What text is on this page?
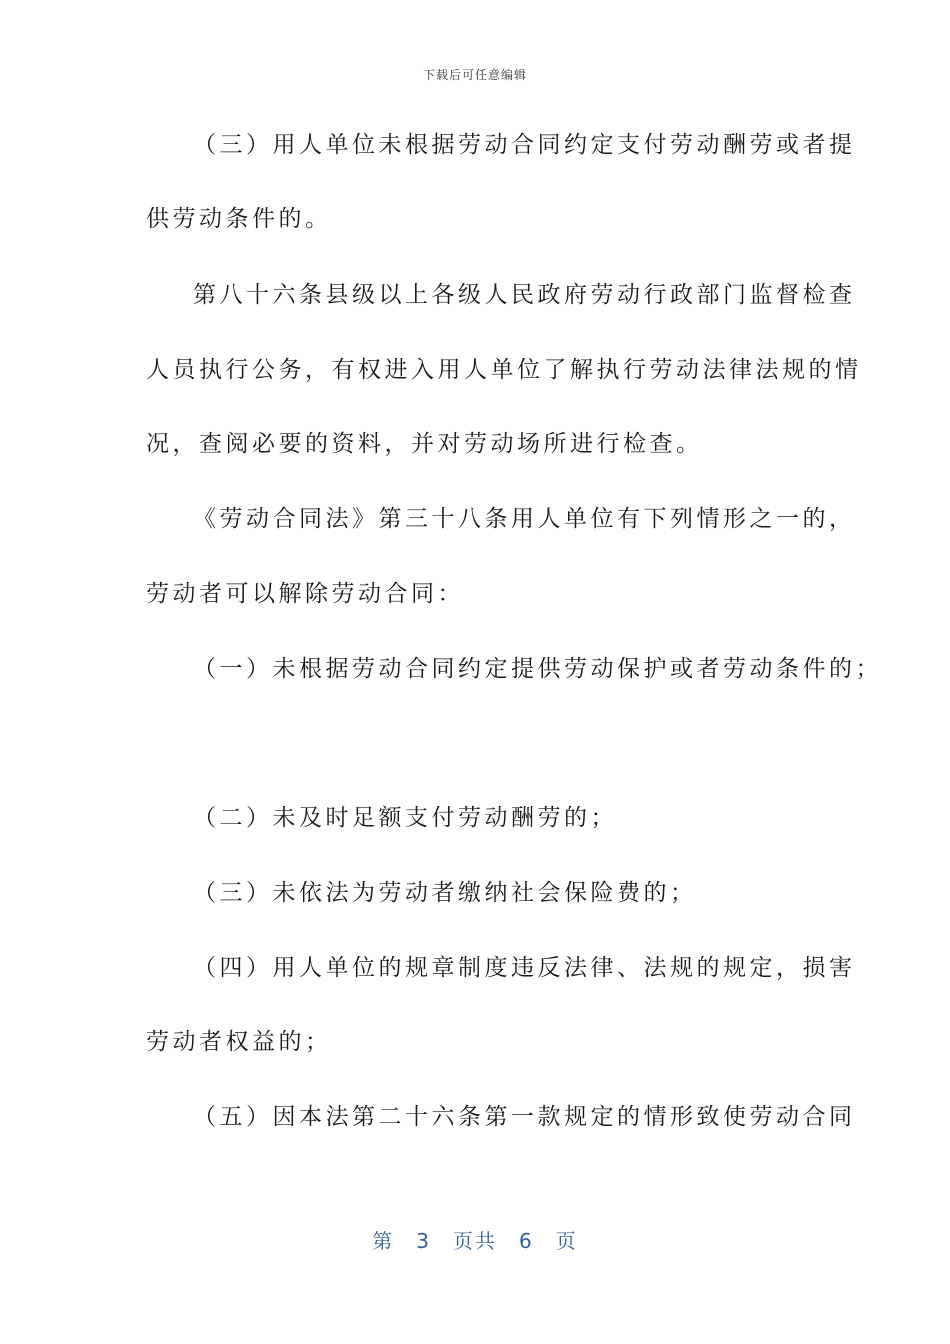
下载后可任意编辑
（三）用人单位未根据劳动合同约定支付劳动酬劳或者提
供劳动条件的。
第八十六条县级以上各级人民政府劳动行政部门监督检查
人员执行公务，有权进入用人单位了解执行劳动法律法规的情
况，查阅必要的资料，并对劳动场所进行检查。
《劳动合同法》第三十八条用人单位有下列情形之一的，
劳动者可以解除劳动合同：
（一）未根据劳动合同约定提供劳动保护或者劳动条件的；
（二）未及时足额支付劳动酬劳的；
（三）未依法为劳动者缴纳社会保险费的；
（四）用人单位的规章制度违反法律、法规的规定，损害
劳动者权益的；
（五）因本法第二十六条第一款规定的情形致使劳动合同
第 3 页共 6 页
